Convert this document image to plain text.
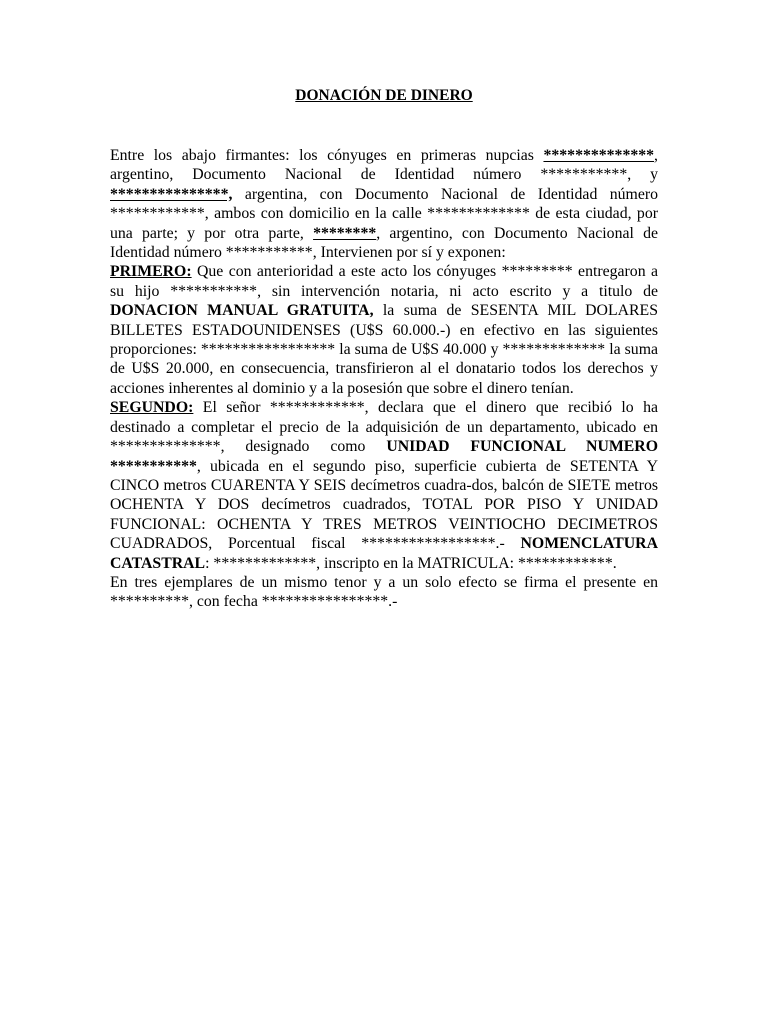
DONACIÓN DE DINERO

Entre los abajo firmantes: los cónyuges en primeras nupcias **************, argentino, Documento Nacional de Identidad número ***********, y ***************, argentina, con Documento Nacional de Identidad número ************, ambos con domicilio en la calle ************* de esta ciudad, por una parte; y por otra parte, ********, argentino, con Documento Nacional de Identidad número ***********, Intervienen por sí y exponen:

PRIMERO: Que con anterioridad a este acto los cónyuges ********* entregaron a su hijo ***********, sin intervención notaria, ni acto escrito y a titulo de DONACION MANUAL GRATUITA, la suma de SESENTA MIL DOLARES BILLETES ESTADOUNIDENSES (U$S 60.000.-) en efectivo en las siguientes proporciones: ***************** la suma de U$S 40.000 y ************* la suma de U$S 20.000, en consecuencia, transfirieron al el donatario todos los derechos y acciones inherentes al dominio y a la posesión que sobre el dinero tenían.

SEGUNDO: El señor ************, declara que el dinero que recibió lo ha destinado a completar el precio de la adquisición de un departamento, ubicado en **************, designado como UNIDAD FUNCIONAL NUMERO ***********, ubicada en el segundo piso, superficie cubierta de SETENTA Y CINCO metros CUARENTA Y SEIS decímetros cuadra-dos, balcón de SIETE metros OCHENTA Y DOS decímetros cuadrados, TOTAL POR PISO Y UNIDAD FUNCIONAL: OCHENTA Y TRES METROS VEINTIOCHO DECIMETROS CUADRADOS, Porcentual fiscal *****************.- NOMENCLATURA CATASTRAL: *************, inscripto en la MATRICULA: ************.

En tres ejemplares de un mismo tenor y a un solo efecto se firma el presente en **********, con fecha ****************.-
